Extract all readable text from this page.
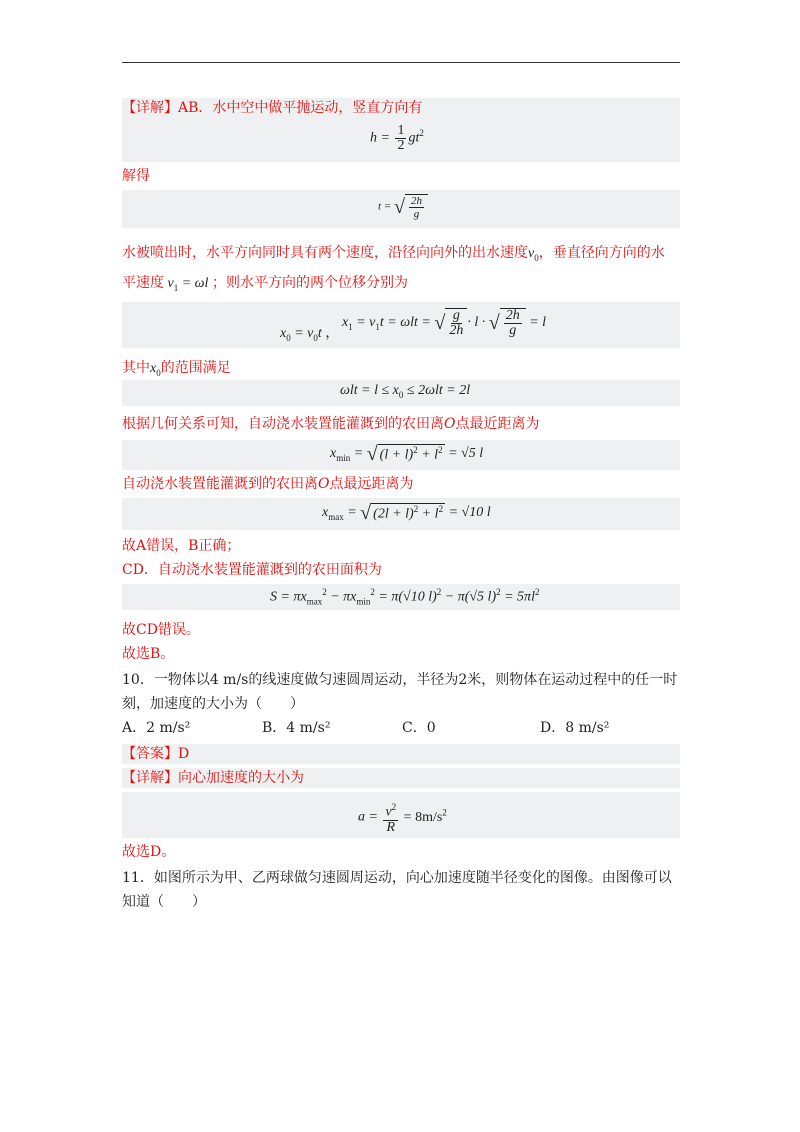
【详解】AB．水中空中做平抛运动，竖直方向有
$h = \frac{1}{2} gt^2$
解得
t = √ $\frac{2h}{g}$
水被喷出时，水平方向同时具有两个速度，沿径向向外的出水速度$v_0$，垂直径向方向的水
平速度 $v_1 = \omega l$ ；则水平方向的两个位移分别为
$x_0 = v_0t$ ，
$x_1 = v_1t = \omega lt$ = √ $\frac{g}{2h} \cdot l$ · √ $\frac{2h}{g} = l$
其中$x_0$的范围满足
$\omega lt = l \le x_0 \le 2\omega lt = 2l$
根据几何关系可知，自动浇水装置能灌溉到的农田离O点最近距离为
$x_{min}$ = √ $(l + l)^2 + l^2 = √5$ l
自动浇水装置能灌溉到的农田离O点最远距离为
$x_{max}$ = √ $(2l + l)^2 + l^2 = √10$ l
故A错误，B正确；
CD．自动浇水装置能灌溉到的农田面积为
$S = \pi x_{max}^2 - \pi x_{min}^2 = \pi(√10$ l)$^2$ − π(√5 $l)^2 = 5\pi l^2$
故CD错误。
故选B。
10．一物体以4 m/s的线速度做匀速圆周运动，半径为2米，则物体在运动过程中的任一时
刻，加速度的大小为（　　）
A．2 m/s²	B．4 m/s²	C．0	D．8 m/s²
【答案】D
【详解】向心加速度的大小为
$a = \frac{v^2}{R} = 8m/s^2$
故选D。
11．如图所示为甲、乙两球做匀速圆周运动，向心加速度随半径变化的图像。由图像可以
知道（　　）
